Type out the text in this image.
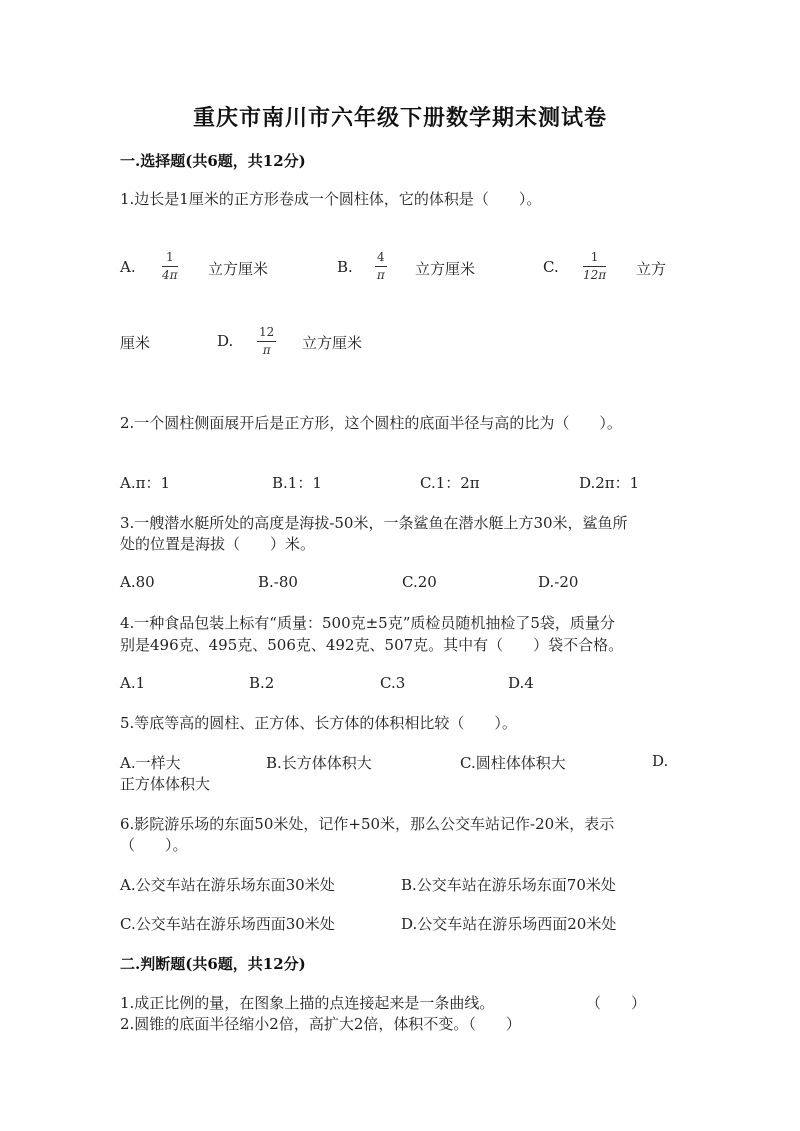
重庆市南川市六年级下册数学期末测试卷
一.选择题(共6题，共12分)
1.边长是1厘米的正方形卷成一个圆柱体，它的体积是（　　）。
A.
1
4π 立方厘米	B.
4
π 立方厘米	C.
1
12π 立方
厘米	D. 12
π	立方厘米
2.一个圆柱侧面展开后是正方形，这个圆柱的底面半径与高的比为（　　）。
A.π：1	B.1：1	C.1：2π	D.2π：1
3.一艘潜水艇所处的高度是海拔-50米，一条鲨鱼在潜水艇上方30米，鲨鱼所
处的位置是海拔（　　）米。
A.80	B.-80	C.20	D.-20
4.一种食品包装上标有“质量：500克±5克”质检员随机抽检了5袋，质量分
别是496克、495克、506克、492克、507克。其中有（　　）袋不合格。
A.1	B.2	C.3	D.4
5.等底等高的圆柱、正方体、长方体的体积相比较（　　）。
A.一样大	B.长方体体积大	C.圆柱体体积大	D.
正方体体积大
6.影院游乐场的东面50米处，记作+50米，那么公交车站记作-20米，表示
（　　）。
A.公交车站在游乐场东面30米处	B.公交车站在游乐场东面70米处
C.公交车站在游乐场西面30米处	D.公交车站在游乐场西面20米处
二.判断题(共6题，共12分)
1.成正比例的量，在图象上描的点连接起来是一条曲线。	（　　）
2.圆锥的底面半径缩小2倍，高扩大2倍，体积不变。（　　）
